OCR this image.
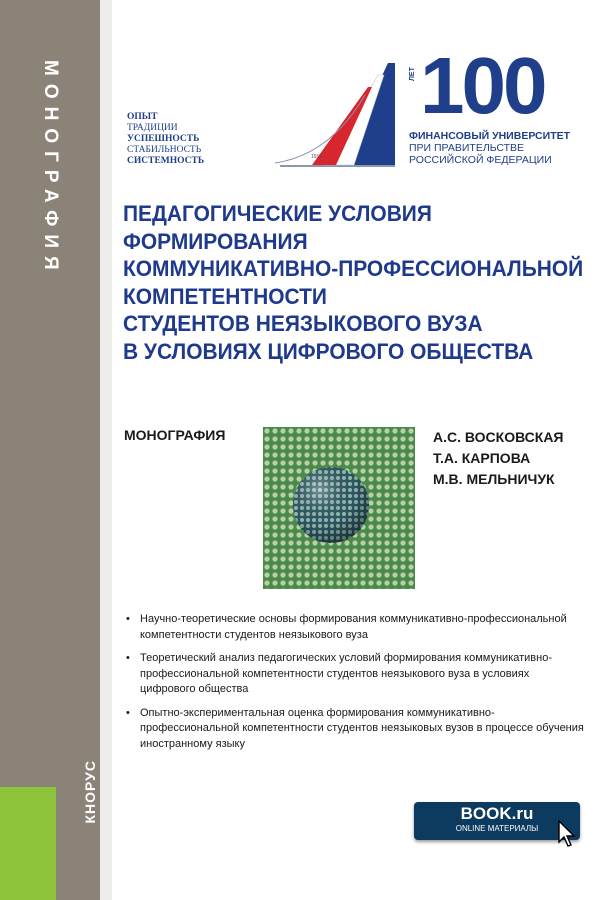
МОНОГРАФИЯ
КНОРУС
ОПЫТ
ТРАДИЦИИ
УСПЕШНОСТЬ
СТАБИЛЬНОСТЬ
СИСТЕМНОСТЬ	1919
ЛЕТ 100
ФИНАНСОВЫЙ УНИВЕРСИТЕТ
ПРИ ПРАВИТЕЛЬСТВЕ
РОССИЙСКОЙ ФЕДЕРАЦИИ
ПЕДАГОГИЧЕСКИЕ УСЛОВИЯ
ФОРМИРОВАНИЯ
КОММУНИКАТИВНО-ПРОФЕССИОНАЛЬНОЙ
КОМПЕТЕНТНОСТИ
СТУДЕНТОВ НЕЯЗЫКОВОГО ВУЗА
В УСЛОВИЯХ ЦИФРОВОГО ОБЩЕСТВА
МОНОГРАФИЯ	А.С. ВОСКОВСКАЯ
Т.А. КАРПОВА
М.В. МЕЛЬНИЧУК
• Научно-теоретические основы формирования коммуникативно-профессиональной компетентности студентов неязыкового вуза
• Теоретический анализ педагогических условий формирования коммуникативно-профессиональной компетентности студентов неязыкового вуза в условиях цифрового общества
• Опытно-экспериментальная оценка формирования коммуникативно-профессиональной компетентности студентов неязыковых вузов в процессе обучения иностранному языку
BOOK.ru
ONLINE МАТЕРИАЛЫ
